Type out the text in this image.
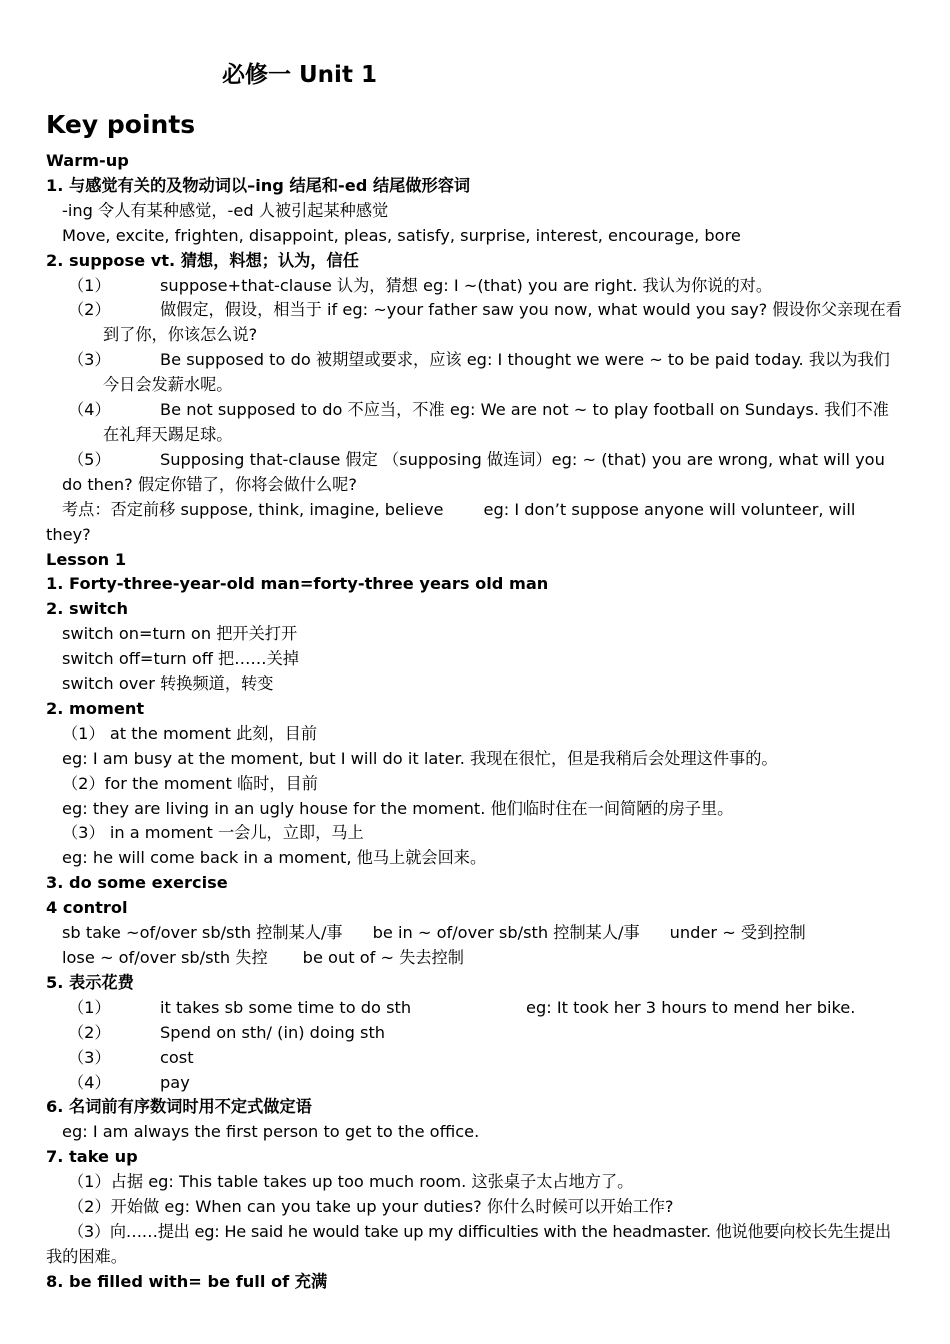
必修一 Unit 1
Key points

Warm-up

1. 与感觉有关的及物动词以–ing 结尾和-ed 结尾做形容词

-ing 令人有某种感觉，-ed 人被引起某种感觉

Move, excite, frighten, disappoint, pleas, satisfy, surprise, interest, encourage, bore

2. suppose vt. 猜想，料想；认为，信任

（1）	suppose+that-clause 认为，猜想 eg: I ~(that) you are right. 我认为你说的对。
（2）	做假定，假设，相当于 if eg: ~your father saw you now, what would you say? 假设你父亲现在看

到了你，你该怎么说?

（3）	Be supposed to do 被期望或要求，应该 eg: I thought we were ~ to be paid today. 我以为我们

今日会发薪水呢。

（4）	Be not supposed to do 不应当，不准 eg: We are not ~ to play football on Sundays. 我们不准

在礼拜天踢足球。

（5）	Supposing that-clause 假定 （supposing 做连词）eg: ~ (that) you are wrong, what will you

do then? 假定你错了，你将会做什么呢?

考点：否定前移 suppose, think, imagine, believe eg: I don’t suppose anyone will volunteer, will

they?

Lesson 1

1. Forty-three-year-old man=forty-three years old man

2. switch

switch on=turn on 把开关打开

switch off=turn off 把……关掉

switch over 转换频道，转变

2. moment

（1） at the moment 此刻，目前

eg: I am busy at the moment, but I will do it later. 我现在很忙，但是我稍后会处理这件事的。

（2）for the moment 临时，目前

eg: they are living in an ugly house for the moment. 他们临时住在一间简陋的房子里。

（3） in a moment 一会儿，立即，马上

eg: he will come back in a moment, 他马上就会回来。

3. do some exercise

4 control

sb take ~of/over sb/sth 控制某人/事 be in ~ of/over sb/sth 控制某人/事 under ~ 受到控制

lose ~ of/over sb/sth 失控 be out of ~ 失去控制

5. 表示花费

（1）	it takes sb some time to do sth	eg: It took her 3 hours to mend her bike.
（2）	Spend on sth/ (in) doing sth
（3）	cost
（4）	pay

6. 名词前有序数词时用不定式做定语

eg: I am always the first person to get to the office.

7. take up

（1）占据 eg: This table takes up too much room. 这张桌子太占地方了。

（2）开始做 eg: When can you take up your duties? 你什么时候可以开始工作?

（3）向……提出 eg: He said he would take up my difficulties with the headmaster. 他说他要向校长先生提出

我的困难。

8. be filled with= be full of 充满
